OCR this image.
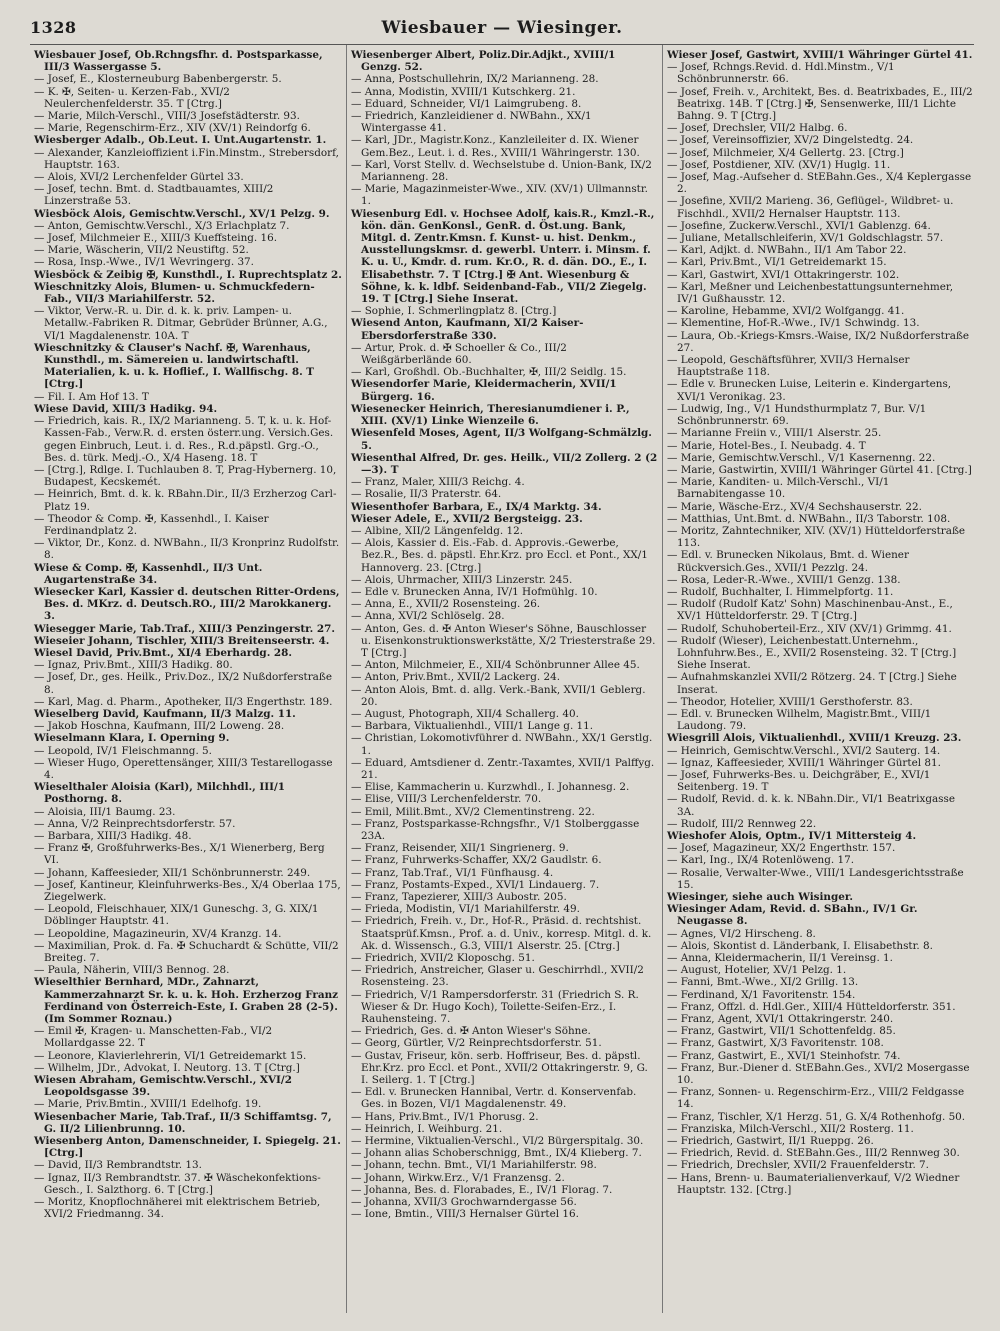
1328	Wiesbauer — Wiesinger.

Wiesbauer Josef, Ob.Rchngsfhr. d. Postsparkasse, III/3 Wassergasse 5.

— Josef, E., Klosterneuburg Babenbergerstr. 5.

— K. ✠, Seiten- u. Kerzen-Fab., XVI/2 Neulerchenfelderstr. 35. T [Ctrg.]

— Marie, Milch-Verschl., VIII/3 Josefstädterstr. 93.

— Marie, Regenschirm-Erz., XIV (XV/1) Reindorfg 6.

Wiesberger Adalb., Ob.Leut. I. Unt.Augartenstr. 1.

— Alexander, Kanzleioffizient i.Fin.Minstm., Strebersdorf, Hauptstr. 163.

— Alois, XVI/2 Lerchenfelder Gürtel 33.

— Josef, techn. Bmt. d. Stadtbauamtes, XIII/2 Linzerstraße 53.

Wiesböck Alois, Gemischtw.Verschl., XV/1 Pelzg. 9.

— Anton, Gemischtw.Verschl., X/3 Erlachplatz 7.

— Josef, Milchmeier E., XIII/3 Kueffsteing. 16.

— Marie, Wäscherin, VII/2 Neustiftg. 52.

— Rosa, Insp.-Wwe., IV/1 Wevringerg. 37.

Wiesböck & Zeibig ✠, Kunsthdl., I. Ruprechtsplatz 2.

Wieschnitzky Alois, Blumen- u. Schmuckfedern-Fab., VII/3 Mariahilferstr. 52.

— Viktor, Verw.-R. u. Dir. d. k. k. priv. Lampen- u. Metallw.-Fabriken R. Ditmar, Gebrüder Brünner, A.G., VI/1 Magdalenenstr. 10A. T

Wieschnitzky & Clauser's Nachf. ✠, Warenhaus, Kunsthdl., m. Sämereien u. landwirtschaftl. Materialien, k. u. k. Hoflief., I. Wallfischg. 8. T [Ctrg.]

— Fil. I. Am Hof 13. T

Wiese David, XIII/3 Hadikg. 94.

— Friedrich, kais. R., IX/2 Marianneng. 5. T, k. u. k. Hof-Kassen-Fab., Verw.R. d. ersten österr.ung. Versich.Ges. gegen Einbruch, Leut. i. d. Res., R.d.päpstl. Grg.-O., Bes. d. türk. Medj.-O., X/4 Haseng. 18. T

— [Ctrg.], Rdlge. I. Tuchlauben 8. T, Prag-Hybernerg. 10, Budapest, Kecskemét.

— Heinrich, Bmt. d. k. k. RBahn.Dir., II/3 Erzherzog Carl-Platz 19.

— Theodor & Comp. ✠, Kassenhdl., I. Kaiser Ferdinandplatz 2.

— Viktor, Dr., Konz. d. NWBahn., II/3 Kronprinz Rudolfstr. 8.

Wiese & Comp. ✠, Kassenhdl., II/3 Unt. Augartenstraße 34.

Wiesecker Karl, Kassier d. deutschen Ritter-Ordens, Bes. d. MKrz. d. Deutsch.RO., III/2 Marokkanerg. 3.

Wiesegger Marie, Tab.Traf., XIII/3 Penzingerstr. 27.

Wieseier Johann, Tischler, XIII/3 Breitenseerstr. 4.

Wiesel David, Priv.Bmt., XI/4 Eberhardg. 28.

— Ignaz, Priv.Bmt., XIII/3 Hadikg. 80.

— Josef, Dr., ges. Heilk., Priv.Doz., IX/2 Nußdorferstraße 8.

— Karl, Mag. d. Pharm., Apotheker, II/3 Engerthstr. 189.

Wieselberg David, Kaufmann, II/3 Malzg. 11.

— Jakob Hoschna, Kaufmann, III/2 Loweng. 28.

Wieselmann Klara, I. Operning 9.

— Leopold, IV/1 Fleischmanng. 5.

— Wieser Hugo, Operettensänger, XIII/3 Testarellogasse 4.

Wieselthaler Aloisia (Karl), Milchhdl., III/1 Posthorng. 8.

— Aloisia, III/1 Baumg. 23.

— Anna, V/2 Reinprechtsdorferstr. 57.

— Barbara, XIII/3 Hadikg. 48.

— Franz ✠, Großfuhrwerks-Bes., X/1 Wienerberg, Berg VI.

— Johann, Kaffeesieder, XII/1 Schönbrunnerstr. 249.

— Josef, Kantineur, Kleinfuhrwerks-Bes., X/4 Oberlaa 175, Ziegelwerk.

— Leopold, Fleischhauer, XIX/1 Guneschg. 3, G. XIX/1 Döblinger Hauptstr. 41.

— Leopoldine, Magazineurin, XV/4 Kranzg. 14.

— Maximilian, Prok. d. Fa. ✠ Schuchardt & Schütte, VII/2 Breiteg. 7.

— Paula, Näherin, VIII/3 Bennog. 28.

Wieselthier Bernhard, MDr., Zahnarzt, Kammerzahnarzt Sr. k. u. k. Hoh. Erzherzog Franz Ferdinand von Österreich-Este, I. Graben 28 (2-5). (Im Sommer Roznau.)

— Emil ✠, Kragen- u. Manschetten-Fab., VI/2 Mollardgasse 22. T

— Leonore, Klavierlehrerin, VI/1 Getreidemarkt 15.

— Wilhelm, JDr., Advokat, I. Neutorg. 13. T [Ctrg.]

Wiesen Abraham, Gemischtw.Verschl., XVI/2 Leopoldsgasse 39.

— Marie, Priv.Bmtin., XVIII/1 Edelhofg. 19.

Wiesenbacher Marie, Tab.Traf., II/3 Schiffamtsg. 7, G. II/2 Lilienbrunng. 10.

Wiesenberg Anton, Damenschneider, I. Spiegelg. 21. [Ctrg.]

— David, II/3 Rembrandtstr. 13.

— Ignaz, II/3 Rembrandtstr. 37. ✠ Wäschekonfektions-Gesch., I. Salzthorg. 6. T [Ctrg.]

— Moritz, Knopflochnäherei mit elektrischem Betrieb, XVI/2 Friedmanng. 34.

Wiesenberger Albert, Poliz.Dir.Adjkt., XVIII/1 Genzg. 52.

— Anna, Postschullehrin, IX/2 Marianneng. 28.

— Anna, Modistin, XVIII/1 Kutschkerg. 21.

— Eduard, Schneider, VI/1 Laimgrubeng. 8.

— Friedrich, Kanzleidiener d. NWBahn., XX/1 Wintergasse 41.

— Karl, JDr., Magistr.Konz., Kanzleileiter d. IX. Wiener Gem.Bez., Leut. i. d. Res., XVIII/1 Währingerstr. 130.

— Karl, Vorst Stellv. d. Wechselstube d. Union-Bank, IX/2 Marianneng. 28.

— Marie, Magazinmeister-Wwe., XIV. (XV/1) Ullmannstr. 1.

Wiesenburg Edl. v. Hochsee Adolf, kais.R., Kmzl.-R., kön. dän. GenKonsl., GenR. d. Öst.ung. Bank, Mitgl. d. Zentr.Kmsn. f. Kunst- u. hist. Denkm., Ausstellungskmsr. d. gewerbl. Unterr. i. Minsm. f. K. u. U., Kmdr. d. rum. Kr.O., R. d. dän. DO., E., I. Elisabethstr. 7. T [Ctrg.] ✠ Ant. Wiesenburg & Söhne, k. k. ldbf. Seidenband-Fab., VII/2 Ziegelg. 19. T [Ctrg.] Siehe Inserat.

— Sophie, I. Schmerlingplatz 8. [Ctrg.]

Wiesend Anton, Kaufmann, XI/2 Kaiser-Ebersdorferstraße 330.

— Artur, Prok. d. ✠ Schoeller & Co., III/2 Weißgärberlände 60.

— Karl, Großhdl. Ob.-Buchhalter, ✠, III/2 Seidlg. 15.

Wiesendorfer Marie, Kleidermacherin, XVII/1 Bürgerg. 16.

Wiesenecker Heinrich, Theresianumdiener i. P., XIII. (XV/1) Linke Wienzeile 6.

Wiesenfeld Moses, Agent, II/3 Wolfgang-Schmälzlg. 5.

Wiesenthal Alfred, Dr. ges. Heilk., VII/2 Zollerg. 2 (2—3). T

— Franz, Maler, XIII/3 Reichg. 4.

— Rosalie, II/3 Praterstr. 64.

Wiesenthofer Barbara, E., IX/4 Marktg. 34.

Wieser Adele, E., XVII/2 Bergsteigg. 23.

— Albine, XII/2 Längenfeldg. 12.

— Alois, Kassier d. Eis.-Fab. d. Approvis.-Gewerbe, Bez.R., Bes. d. päpstl. Ehr.Krz. pro Eccl. et Pont., XX/1 Hannoverg. 23. [Ctrg.]

— Alois, Uhrmacher, XIII/3 Linzerstr. 245.

— Edle v. Brunecken Anna, IV/1 Hofmühlg. 10.

— Anna, E., XVII/2 Rosensteing. 26.

— Anna, XVI/2 Schlöselg. 28.

— Anton, Ges. d. ✠ Anton Wieser's Söhne, Bauschlosser u. Eisenkonstruktionswerkstätte, X/2 Triesterstraße 29. T [Ctrg.]

— Anton, Milchmeier, E., XII/4 Schönbrunner Allee 45.

— Anton, Priv.Bmt., XVII/2 Lackerg. 24.

— Anton Alois, Bmt. d. allg. Verk.-Bank, XVII/1 Geblerg. 20.

— August, Photograph, XII/4 Schallerg. 40.

— Barbara, Viktualienhdl., VIII/1 Lange g. 11.

— Christian, Lokomotivführer d. NWBahn., XX/1 Gerstlg. 1.

— Eduard, Amtsdiener d. Zentr.-Taxamtes, XVII/1 Palffyg. 21.

— Elise, Kammacherin u. Kurzwhdl., I. Johannesg. 2.

— Elise, VIII/3 Lerchenfelderstr. 70.

— Emil, Milit.Bmt., XV/2 Clementinstreng. 22.

— Franz, Postsparkasse-Rchngsfhr., V/1 Stolberggasse 23A.

— Franz, Reisender, XII/1 Singrienerg. 9.

— Franz, Fuhrwerks-Schaffer, XX/2 Gaudlstr. 6.

— Franz, Tab.Traf., VI/1 Fünfhausg. 4.

— Franz, Postamts-Exped., XVI/1 Lindauerg. 7.

— Franz, Tapezierer, XIII/3 Aubostr. 205.

— Frieda, Modistin, VI/1 Mariahilferstr. 49.

— Friedrich, Freih. v., Dr., Hof-R., Präsid. d. rechtshist. Staatsprüf.Kmsn., Prof. a. d. Univ., korresp. Mitgl. d. k. Ak. d. Wissensch., G.3, VIII/1 Alserstr. 25. [Ctrg.]

— Friedrich, XVII/2 Kloposchg. 51.

— Friedrich, Anstreicher, Glaser u. Geschirrhdl., XVII/2 Rosensteing. 23.

— Friedrich, V/1 Rampersdorferstr. 31 (Friedrich S. R. Wieser & Dr. Hugo Koch), Toilette-Seifen-Erz., I. Rauhensteing. 7.

— Friedrich, Ges. d. ✠ Anton Wieser's Söhne.

— Georg, Gürtler, V/2 Reinprechtsdorferstr. 51.

— Gustav, Friseur, kön. serb. Hoffriseur, Bes. d. päpstl. Ehr.Krz. pro Eccl. et Pont., XVII/2 Ottakringerstr. 9, G. I. Seilerg. 1. T [Ctrg.]

— Edl. v. Brunecken Hannibal, Vertr. d. Konservenfab. Ges. in Bozen, VI/1 Magdalenenstr. 49.

— Hans, Priv.Bmt., IV/1 Phorusg. 2.

— Heinrich, I. Weihburg. 21.

— Hermine, Viktualien-Verschl., VI/2 Bürgerspitalg. 30.

— Johann alias Schoberschnigg, Bmt., IX/4 Klieberg. 7.

— Johann, techn. Bmt., VI/1 Mariahilferstr. 98.

— Johann, Wirkw.Erz., V/1 Franzensg. 2.

— Johanna, Bes. d. Florabades, E., IV/1 Florag. 7.

— Johanna, XVII/3 Grochwarndergasse 56.

— Ione, Bmtin., VIII/3 Hernalser Gürtel 16.

Wieser Josef, Gastwirt, XVIII/1 Währinger Gürtel 41.

— Josef, Rchngs.Revid. d. Hdl.Minstm., V/1 Schönbrunnerstr. 66.

— Josef, Freih. v., Architekt, Bes. d. Beatrixbades, E., III/2 Beatrixg. 14B. T [Ctrg.] ✠, Sensenwerke, III/1 Lichte Bahng. 9. T [Ctrg.]

— Josef, Drechsler, VII/2 Halbg. 6.

— Josef, Vereinsoffizier, XV/2 Dingelstedtg. 24.

— Josef, Milchmeier, X/4 Gellertg. 23. [Ctrg.]

— Josef, Postdiener, XIV. (XV/1) Huglg. 11.

— Josef, Mag.-Aufseher d. StEBahn.Ges., X/4 Keplergasse 2.

— Josefine, XVII/2 Marieng. 36, Geflügel-, Wildbret- u. Fischhdl., XVII/2 Hernalser Hauptstr. 113.

— Josefine, Zuckerw.Verschl., XVI/1 Gablenzg. 64.

— Juliane, Metallschleiferin, XV/1 Goldschlagstr. 57.

— Karl, Adjkt. d. NWBahn., II/1 Am Tabor 22.

— Karl, Priv.Bmt., VI/1 Getreidemarkt 15.

— Karl, Gastwirt, XVI/1 Ottakringerstr. 102.

— Karl, Meßner und Leichenbestattungsunternehmer, IV/1 Gußhausstr. 12.

— Karoline, Hebamme, XVI/2 Wolfgangg. 41.

— Klementine, Hof-R.-Wwe., IV/1 Schwindg. 13.

— Laura, Ob.-Kriegs-Kmsrs.-Waise, IX/2 Nußdorferstraße 27.

— Leopold, Geschäftsführer, XVII/3 Hernalser Hauptstraße 118.

— Edle v. Brunecken Luise, Leiterin e. Kindergartens, XVI/1 Veronikag. 23.

— Ludwig, Ing., V/1 Hundsthurmplatz 7, Bur. V/1 Schönbrunnerstr. 69.

— Marianne Freiin v., VIII/1 Alserstr. 25.

— Marie, Hotel-Bes., I. Neubadg. 4. T

— Marie, Gemischtw.Verschl., V/1 Kasernenng. 22.

— Marie, Gastwirtin, XVIII/1 Währinger Gürtel 41. [Ctrg.]

— Marie, Kanditen- u. Milch-Verschl., VI/1 Barnabitengasse 10.

— Marie, Wäsche-Erz., XV/4 Sechshauserstr. 22.

— Matthias, Unt.Bmt. d. NWBahn., II/3 Taborstr. 108.

— Moritz, Zahntechniker, XIV. (XV/1) Hütteldorferstraße 113.

— Edl. v. Brunecken Nikolaus, Bmt. d. Wiener Rückversich.Ges., XVII/1 Pezzlg. 24.

— Rosa, Leder-R.-Wwe., XVIII/1 Genzg. 138.

— Rudolf, Buchhalter, I. Himmelpfortg. 11.

— Rudolf (Rudolf Katz' Sohn) Maschinenbau-Anst., E., XV/1 Hütteldorferstr. 29. T [Ctrg.]

— Rudolf, Schuhoberteil-Erz., XIV (XV/1) Grimmg. 41.

— Rudolf (Wieser), Leichenbestatt.Unternehm., Lohnfuhrw.Bes., E., XVII/2 Rosensteing. 32. T [Ctrg.] Siehe Inserat.

— Aufnahmskanzlei XVII/2 Rötzerg. 24. T [Ctrg.] Siehe Inserat.

— Theodor, Hotelier, XVIII/1 Gersthoferstr. 83.

— Edl. v. Brunecken Wilhelm, Magistr.Bmt., VIII/1 Laudong. 79.

Wiesgrill Alois, Viktualienhdl., XVIII/1 Kreuzg. 23.

— Heinrich, Gemischtw.Verschl., XVI/2 Sauterg. 14.

— Ignaz, Kaffeesieder, XVIII/1 Währinger Gürtel 81.

— Josef, Fuhrwerks-Bes. u. Deichgräber, E., XVI/1 Seitenberg. 19. T

— Rudolf, Revid. d. k. k. NBahn.Dir., VI/1 Beatrixgasse 3A.

— Rudolf, III/2 Rennweg 22.

Wieshofer Alois, Optm., IV/1 Mittersteig 4.

— Josef, Magazineur, XX/2 Engerthstr. 157.

— Karl, Ing., IX/4 Rotenlöweng. 17.

— Rosalie, Verwalter-Wwe., VIII/1 Landesgerichtsstraße 15.

Wiesinger, siehe auch Wisinger.

Wiesinger Adam, Revid. d. SBahn., IV/1 Gr. Neugasse 8.

— Agnes, VI/2 Hirscheng. 8.

— Alois, Skontist d. Länderbank, I. Elisabethstr. 8.

— Anna, Kleidermacherin, II/1 Vereinsg. 1.

— August, Hotelier, XV/1 Pelzg. 1.

— Fanni, Bmt.-Wwe., XI/2 Grillg. 13.

— Ferdinand, X/1 Favoritenstr. 154.

— Franz, Offzl. d. Hdl.Ger., XIII/4 Hütteldorferstr. 351.

— Franz, Agent, XVI/1 Ottakringerstr. 240.

— Franz, Gastwirt, VII/1 Schottenfeldg. 85.

— Franz, Gastwirt, X/3 Favoritenstr. 108.

— Franz, Gastwirt, E., XVI/1 Steinhofstr. 74.

— Franz, Bur.-Diener d. StEBahn.Ges., XVI/2 Mosergasse 10.

— Franz, Sonnen- u. Regenschirm-Erz., VIII/2 Feldgasse 14.

— Franz, Tischler, X/1 Herzg. 51, G. X/4 Rothenhofg. 50.

— Franziska, Milch-Verschl., XII/2 Rosterg. 11.

— Friedrich, Gastwirt, II/1 Rueppg. 26.

— Friedrich, Revid. d. StEBahn.Ges., III/2 Rennweg 30.

— Friedrich, Drechsler, XVII/2 Frauenfelderstr. 7.

— Hans, Brenn- u. Baumaterialienverkauf, V/2 Wiedner Hauptstr. 132. [Ctrg.]
